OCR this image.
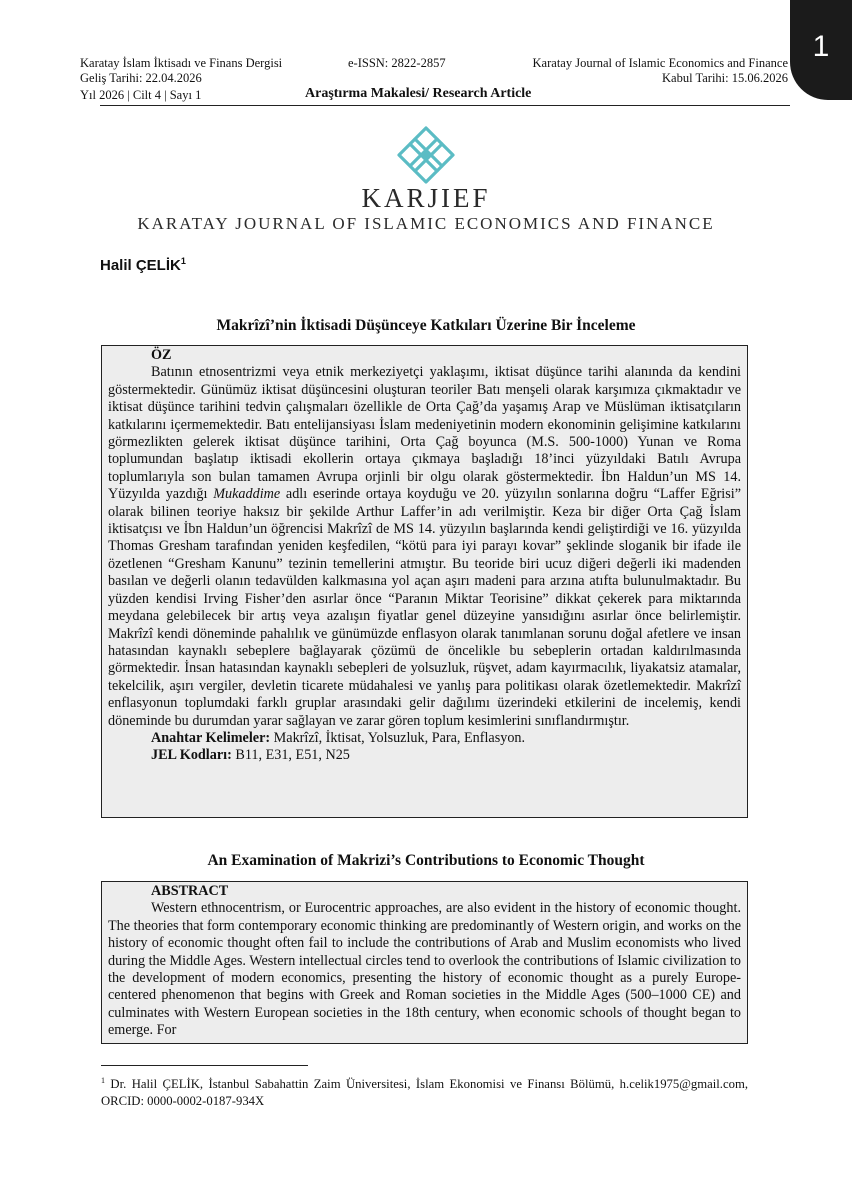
1
Karatay İslam İktisadı ve Finans Dergisi	e-ISSN: 2822-2857	Karatay Journal of Islamic Economics and Finance
Geliş Tarihi: 22.04.2026	Kabul Tarihi: 15.06.2026
Yıl 2026 | Cilt 4 | Sayı 1	Araştırma Makalesi/ Research Article
KARJIEF
KARATAY JOURNAL OF ISLAMIC ECONOMICS AND FINANCE
Halil ÇELİK$^1$
Makrîzî’nin İktisadi Düşünceye Katkıları Üzerine Bir İnceleme
ÖZ

Batının etnosentrizmi veya etnik merkeziyetçi yaklaşımı, iktisat düşünce tarihi alanında da kendini göstermektedir. Günümüz iktisat düşüncesini oluşturan teoriler Batı menşeli olarak karşımıza çıkmaktadır ve iktisat düşünce tarihini tedvin çalışmaları özellikle de Orta Çağ’da yaşamış Arap ve Müslüman iktisatçıların katkılarını içermemektedir. Batı entelijansiyası İslam medeniyetinin modern ekonominin gelişimine katkılarını görmezlikten gelerek iktisat düşünce tarihini, Orta Çağ boyunca (M.S. 500-1000) Yunan ve Roma toplumundan başlatıp iktisadi ekollerin ortaya çıkmaya başladığı 18’inci yüzyıldaki Batılı Avrupa toplumlarıyla son bulan tamamen Avrupa orjinli bir olgu olarak göstermektedir. İbn Haldun’un MS 14. Yüzyılda yazdığı Mukaddime adlı eserinde ortaya koyduğu ve 20. yüzyılın sonlarına doğru “Laffer Eğrisi” olarak bilinen teoriye haksız bir şekilde Arthur Laffer’in adı verilmiştir. Keza bir diğer Orta Çağ İslam iktisatçısı ve İbn Haldun’un öğrencisi Makrîzî de MS 14. yüzyılın başlarında kendi geliştirdiği ve 16. yüzyılda Thomas Gresham tarafından yeniden keşfedilen, “kötü para iyi parayı kovar” şeklinde sloganik bir ifade ile özetlenen “Gresham Kanunu” tezinin temellerini atmıştır. Bu teoride biri ucuz diğeri değerli iki madenden basılan ve değerli olanın tedavülden kalkmasına yol açan aşırı madeni para arzına atıfta bulunulmaktadır. Bu yüzden kendisi Irving Fisher’den asırlar önce “Paranın Miktar Teorisine” dikkat çekerek para miktarında meydana gelebilecek bir artış veya azalışın fiyatlar genel düzeyine yansıdığını asırlar önce belirlemiştir. Makrîzî kendi döneminde pahalılık ve günümüzde enflasyon olarak tanımlanan sorunu doğal afetlere ve insan hatasından kaynaklı sebeplere bağlayarak çözümü de öncelikle bu sebeplerin ortadan kaldırılmasında görmektedir. İnsan hatasından kaynaklı sebepleri de yolsuzluk, rüşvet, adam kayırmacılık, liyakatsiz atamalar, tekelcilik, aşırı vergiler, devletin ticarete müdahalesi ve yanlış para politikası olarak özetlemektedir. Makrîzî enflasyonun toplumdaki farklı gruplar arasındaki gelir dağılımı üzerindeki etkilerini de incelemiş, kendi döneminde bu durumdan yarar sağlayan ve zarar gören toplum kesimlerini sınıflandırmıştır.

Anahtar Kelimeler: Makrîzî, İktisat, Yolsuzluk, Para, Enflasyon.
JEL Kodları: B11, E31, E51, N25
An Examination of Makrizi’s Contributions to Economic Thought
ABSTRACT

Western ethnocentrism, or Eurocentric approaches, are also evident in the history of economic thought. The theories that form contemporary economic thinking are predominantly of Western origin, and works on the history of economic thought often fail to include the contributions of Arab and Muslim economists who lived during the Middle Ages. Western intellectual circles tend to overlook the contributions of Islamic civilization to the development of modern economics, presenting the history of economic thought as a purely Europe-centered phenomenon that begins with Greek and Roman societies in the Middle Ages (500–1000 CE) and culminates with Western European societies in the 18th century, when economic schools of thought began to emerge. For

$^1$ Dr. Halil ÇELİK, İstanbul Sabahattin Zaim Üniversitesi, İslam Ekonomisi ve Finansı Bölümü, h.celik1975@gmail.com, ORCID: 0000-0002-0187-934X
